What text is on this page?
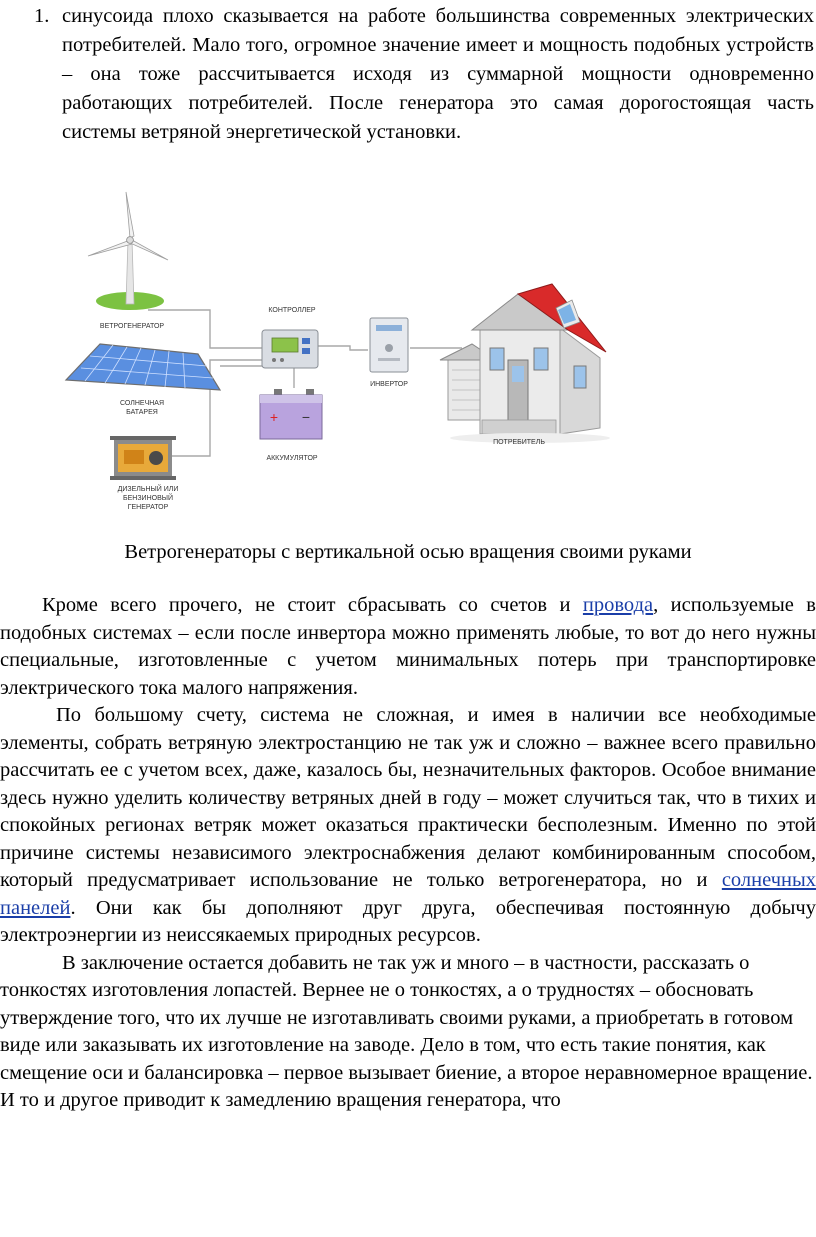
1. синусоида плохо сказывается на работе большинства современных электрических потребителей. Мало того, огромное значение имеет и мощность подобных устройств – она тоже рассчитывается исходя из суммарной мощности одновременно работающих потребителей. После генератора это самая дорогостоящая часть системы ветряной энергетической установки.
ВЕТРОГЕНЕРАТОР
СОЛНЕЧНАЯ
БАТАРЕЯ
ДИЗЕЛЬНЫЙ ИЛИ
БЕНЗИНОВЫЙ
ГЕНЕРАТОР
КОНТРОЛЛЕР
+ −
АККУМУЛЯТОР
ИНВЕРТОР
ПОТРЕБИТЕЛЬ
Ветрогенераторы с вертикальной осью вращения своими руками

Кроме всего прочего, не стоит сбрасывать со счетов и провода, используемые в подобных системах – если после инвертора можно применять любые, то вот до него нужны специальные, изготовленные с учетом минимальных потерь при транспортировке электрического тока малого напряжения.

По большому счету, система не сложная, и имея в наличии все необходимые элементы, собрать ветряную электростанцию не так уж и сложно – важнее всего правильно рассчитать ее с учетом всех, даже, казалось бы, незначительных факторов. Особое внимание здесь нужно уделить количеству ветряных дней в году – может случиться так, что в тихих и спокойных регионах ветряк может оказаться практически бесполезным. Именно по этой причине системы независимого электроснабжения делают комбинированным способом, который предусматривает использование не только ветрогенератора, но и солнечных панелей. Они как бы дополняют друг друга, обеспечивая постоянную добычу электроэнергии из неиссякаемых природных ресурсов.

В заключение остается добавить не так уж и много – в частности, рассказать о тонкостях изготовления лопастей. Вернее не о тонкостях, а о трудностях – обосновать утверждение того, что их лучше не изготавливать своими руками, а приобретать в готовом виде или заказывать их изготовление на заводе. Дело в том, что есть такие понятия, как смещение оси и балансировка – первое вызывает биение, а второе неравномерное вращение. И то и другое приводит к замедлению вращения генератора, что
